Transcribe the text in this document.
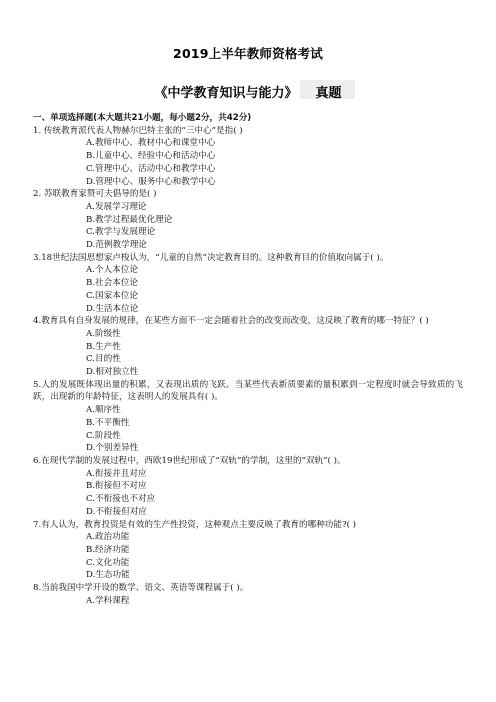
2019上半年教师资格考试
《中学教育知识与能力》 真题
一、单项选择题(本大题共21小题，每小题2分，共42分)
1. 传统教育派代表人物赫尔巴特主张的“三中心”是指( )
A.教师中心、教材中心和课堂中心
B.儿童中心、经验中心和活动中心
C.管理中心、活动中心和教学中心
D.管理中心、服务中心和教学中心
2. 苏联教育家赞可夫倡导的是( )
A.发展学习理论
B.教学过程最优化理论
C.教学与发展理论
D.范例教学理论
3.18世纪法国思想家卢梭认为，“儿童的自然”决定教育目的。这种教育目的价值取向属于( )。
A.个人本位论
B.社会本位论
C.国家本位论
D.生活本位论
4.教育具有自身发展的规律，在某些方面不一定会随着社会的改变而改变，这反映了教育的哪一特征？( )
A.阶级性
B.生产性
C.目的性
D.相对独立性
5.人的发展既体现出量的积累，又表现出质的飞跃。当某些代表新质要素的量积累到一定程度时就会导致质的飞跃，出现新的年龄特征，这表明人的发展具有( )。
A.顺序性
B.不平衡性
C.阶段性
D.个别差异性
6.在现代学制的发展过程中，西欧19世纪形成了“双轨”的学制，这里的“双轨”( )。
A.衔接并且对应
B.衔接但不对应
C.不衔接也不对应
D.不衔接但对应
7.有人认为，教育投资是有效的生产性投资，这种观点主要反映了教育的哪种功能?( )
A.政治功能
B.经济功能
C.文化功能
D.生态功能
8.当前我国中学开设的数学、语文、英语等课程属于( )。
A.学科课程
